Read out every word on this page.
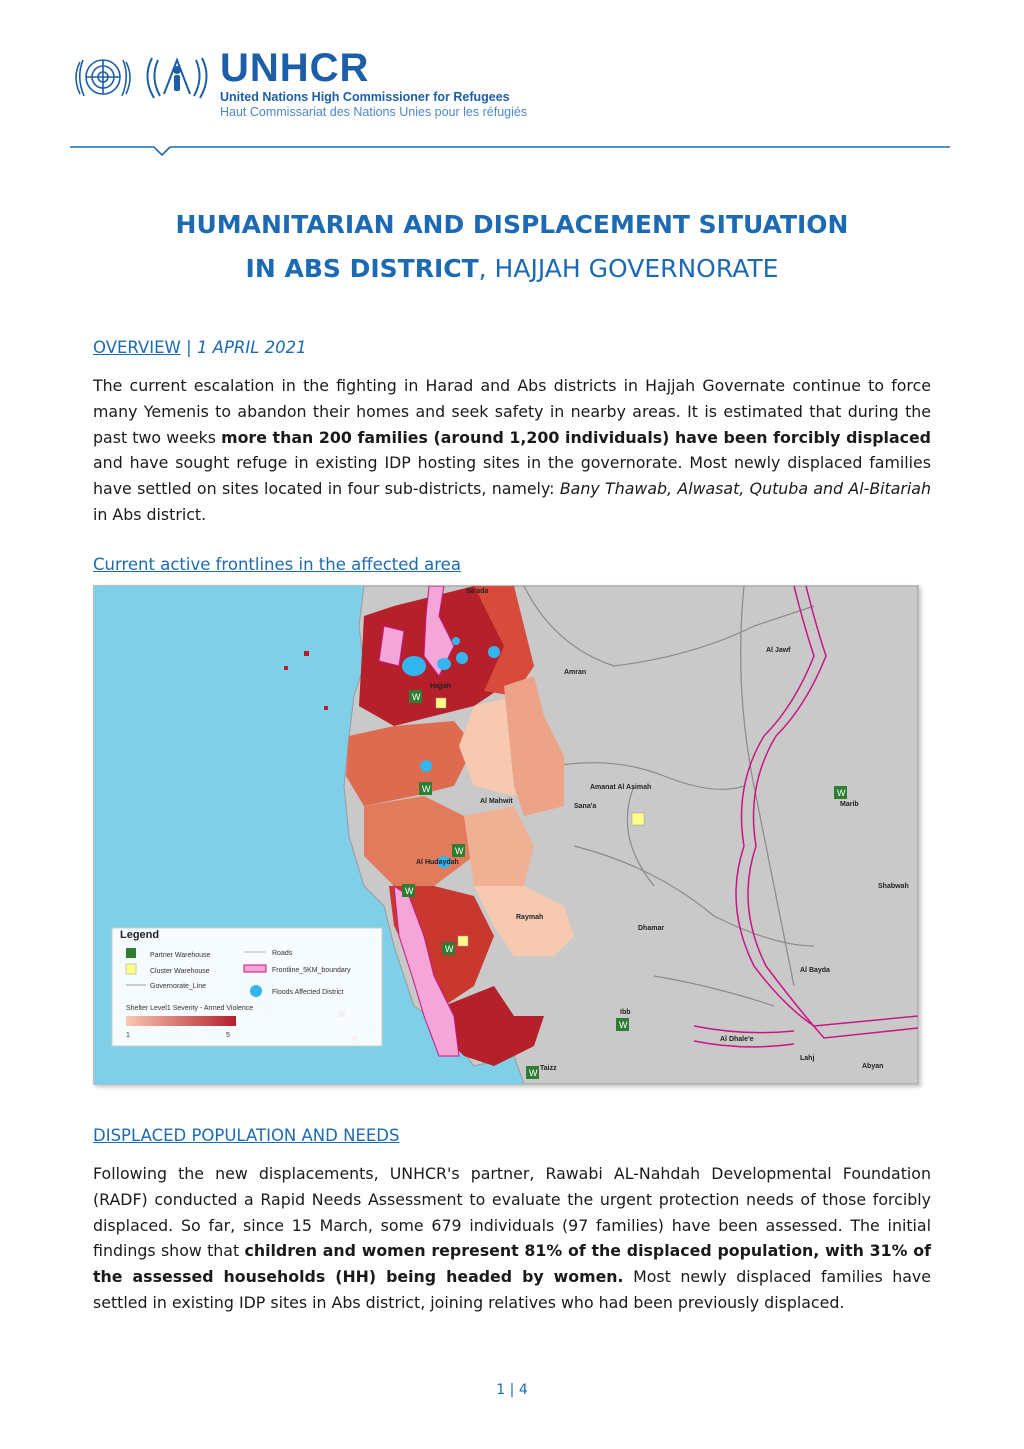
UNHCR
United Nations High Commissioner for Refugees
Haut Commissariat des Nations Unies pour les réfugiés
HUMANITARIAN AND DISPLACEMENT SITUATION
IN ABS DISTRICT, HAJJAH GOVERNORATE
OVERVIEW | 1 APRIL 2021
The current escalation in the fighting in Harad and Abs districts in Hajjah Governate continue to force many Yemenis to abandon their homes and seek safety in nearby areas. It is estimated that during the past two weeks more than 200 families (around 1,200 individuals) have been forcibly displaced and have sought refuge in existing IDP hosting sites in the governorate. Most newly displaced families have settled on sites located in four sub-districts, namely: Bany Thawab, Alwasat, Qutuba and Al-Bitariah in Abs district.
Current active frontlines in the affected area
W
W
W
W
W
W
W
W
Sa'ada
Hajjah
Amran
Al Jawf
Amanat Al Asimah
Al Mahwit
Sana'a	Marib
Al Hudaydah
Shabwah
Raymah
Dhamar
Al Bayda
Ibb
Al Dhale'e
Lahj
Taizz	Abyan
Legend
Partner Warehouse
Cluster Warehouse
Governorate_Line
Roads
Frontline_5KM_boundary
Floods Affected District
Shelter Level1 Severity - Armed Violence
1	5
DISPLACED POPULATION AND NEEDS
Following the new displacements, UNHCR's partner, Rawabi AL-Nahdah Developmental Foundation (RADF) conducted a Rapid Needs Assessment to evaluate the urgent protection needs of those forcibly displaced. So far, since 15 March, some 679 individuals (97 families) have been assessed. The initial findings show that children and women represent 81% of the displaced population, with 31% of the assessed households (HH) being headed by women. Most newly displaced families have settled in existing IDP sites in Abs district, joining relatives who had been previously displaced.
1 | 4
